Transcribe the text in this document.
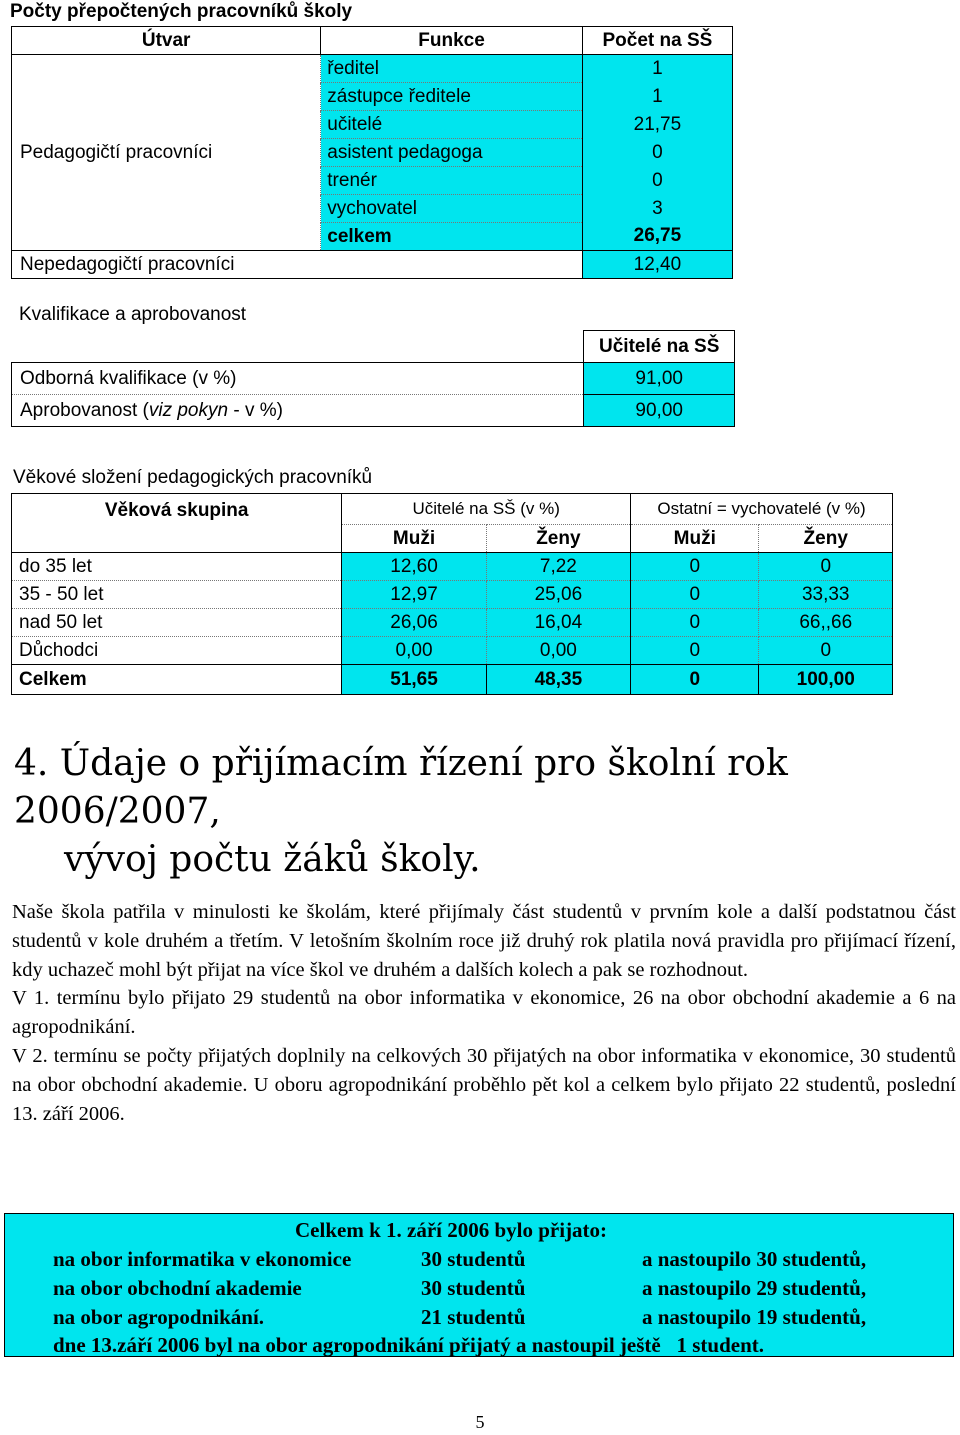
Počty přepočtených pracovníků školy
Útvar	Funkce	Počet na SŠ
Pedagogičtí pracovníci	ředitel	1
	zástupce ředitele	1
	učitelé	21,75
	asistent pedagoga	0
	trenér	0
	vychovatel	3
	celkem	26,75
Nepedagogičtí pracovníci		12,40
Kvalifikace a aprobovanost
	Učitelé na SŠ
Odborná kvalifikace (v %)	91,00
Aprobovanost (viz pokyn - v %)	90,00
Věkové složení pedagogických pracovníků
Věková skupina	Učitelé na SŠ (v %)		Ostatní = vychovatelé (v %)	
	Muži	Ženy	Muži	Ženy
do 35 let	12,60	7,22	0	0
35 - 50 let	12,97	25,06	0	33,33
nad 50 let	26,06	16,04	0	66,,66
Důchodci	0,00	0,00	0	0
Celkem	51,65	48,35	0	100,00
4. Údaje o přijímacím řízení pro školní rok 2006/2007,
vývoj počtu žáků školy.

Naše škola patřila v minulosti ke školám, které přijímaly část studentů v prvním kole a další podstatnou část studentů v kole druhém a třetím. V letošním školním roce již druhý rok platila nová pravidla pro přijímací řízení, kdy uchazeč mohl být přijat na více škol ve druhém a dalších kolech a pak se rozhodnout.

V 1. termínu bylo přijato 29 studentů na obor informatika v ekonomice, 26 na obor obchodní akademie a 6 na agropodnikání.

V 2. termínu se počty přijatých doplnily na celkových 30 přijatých na obor informatika v ekonomice, 30 studentů na obor obchodní akademie. U oboru agropodnikání proběhlo pět kol a celkem bylo přijato 22 studentů, poslední 13. září 2006.

Celkem k 1. září 2006 bylo přijato:
na obor informatika v ekonomice	30 studentů	a nastoupilo 30 studentů,
na obor obchodní akademie	30 studentů	a nastoupilo 29 studentů,
na obor agropodnikání.	21 studentů	a nastoupilo 19 studentů,
dne 13.září 2006 byl na obor agropodnikání přijatý a nastoupil ještě   1 student.
5
